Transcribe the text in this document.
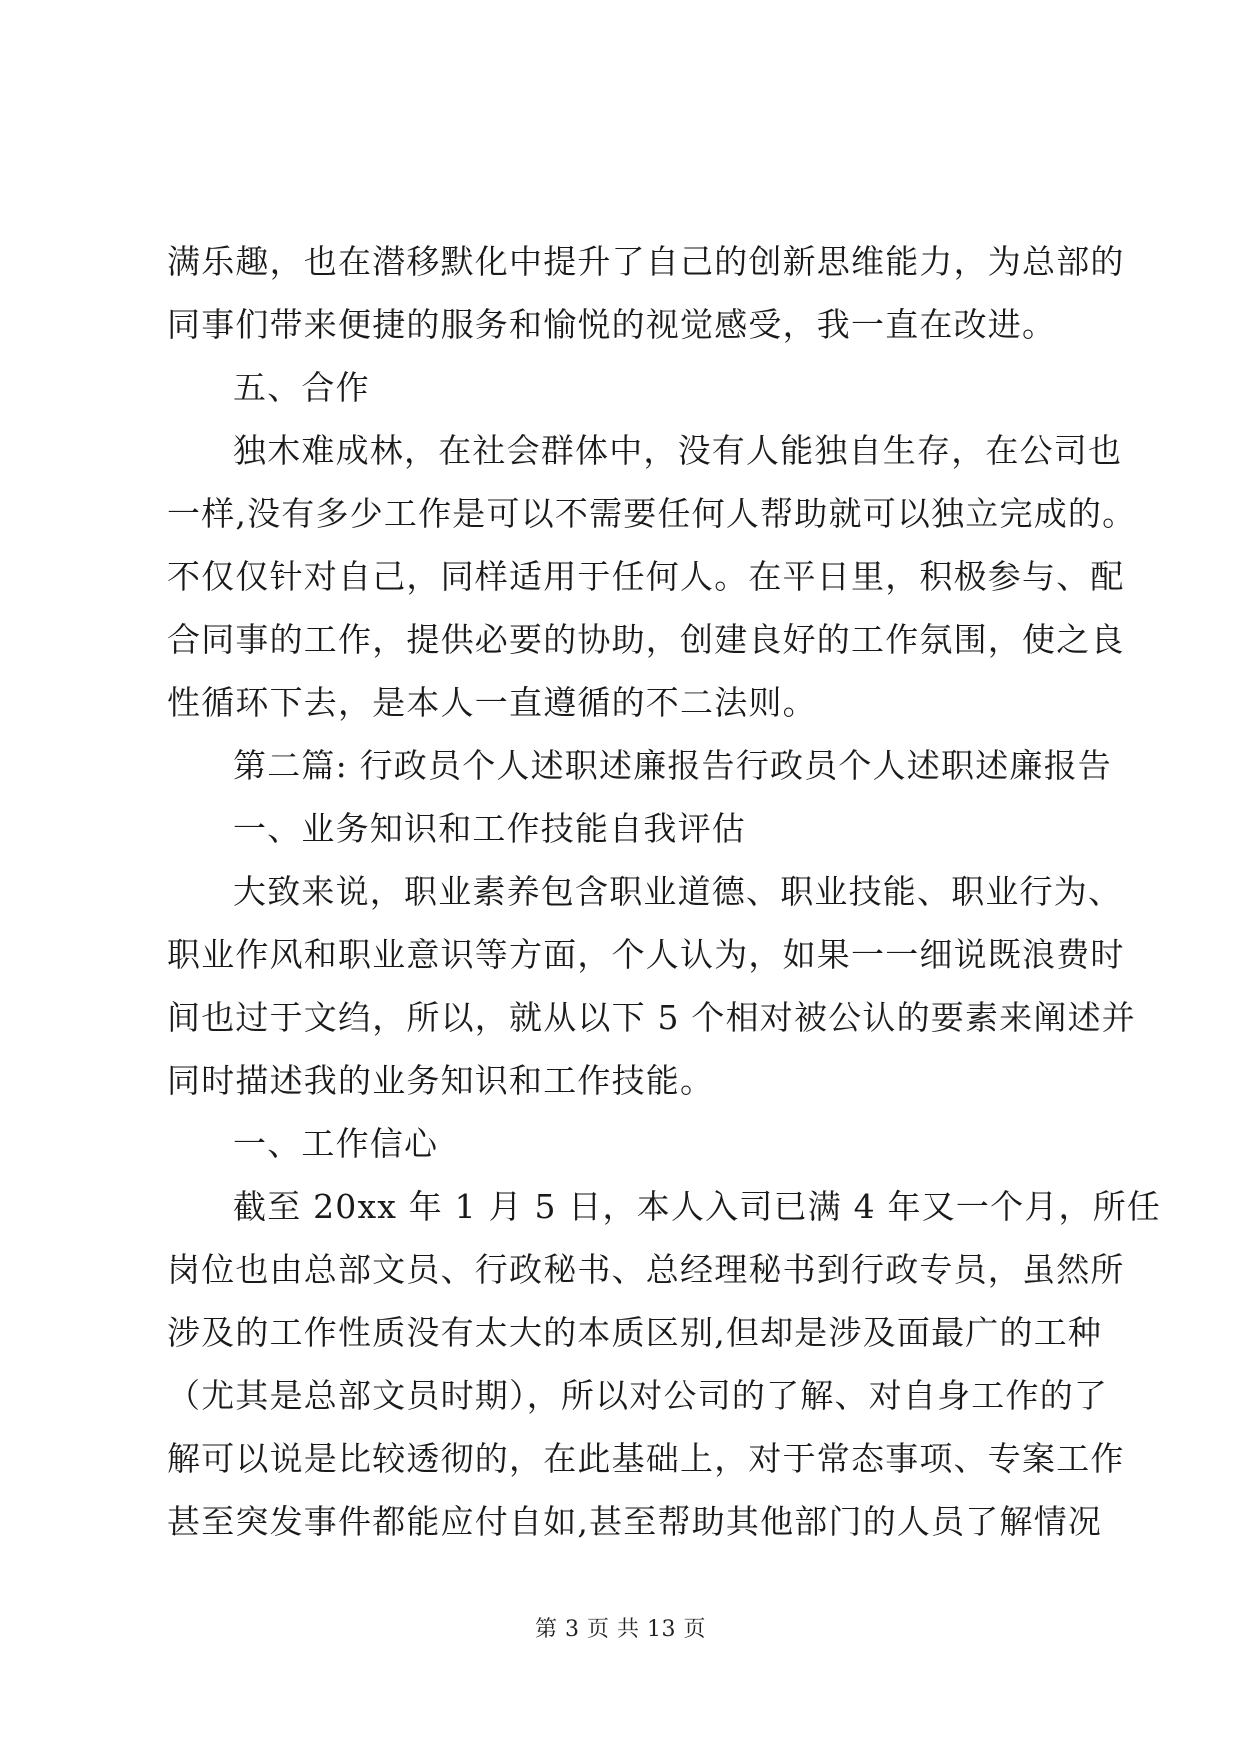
满乐趣，也在潜移默化中提升了自己的创新思维能力，为总部的
同事们带来便捷的服务和愉悦的视觉感受，我一直在改进。
五、合作
独木难成林，在社会群体中，没有人能独自生存，在公司也
一样,没有多少工作是可以不需要任何人帮助就可以独立完成的。
不仅仅针对自己，同样适用于任何人。在平日里，积极参与、配
合同事的工作，提供必要的协助，创建良好的工作氛围，使之良
性循环下去，是本人一直遵循的不二法则。
第二篇: 行政员个人述职述廉报告行政员个人述职述廉报告
一、业务知识和工作技能自我评估
大致来说，职业素养包含职业道德、职业技能、职业行为、
职业作风和职业意识等方面，个人认为，如果一一细说既浪费时
间也过于文绉，所以，就从以下 5 个相对被公认的要素来阐述并
同时描述我的业务知识和工作技能。
一、工作信心
截至 20xx 年 1 月 5 日，本人入司已满 4 年又一个月，所任
岗位也由总部文员、行政秘书、总经理秘书到行政专员，虽然所
涉及的工作性质没有太大的本质区别,但却是涉及面最广的工种
（尤其是总部文员时期），所以对公司的了解、对自身工作的了
解可以说是比较透彻的，在此基础上，对于常态事项、专案工作
甚至突发事件都能应付自如,甚至帮助其他部门的人员了解情况
第 3 页 共 13 页
